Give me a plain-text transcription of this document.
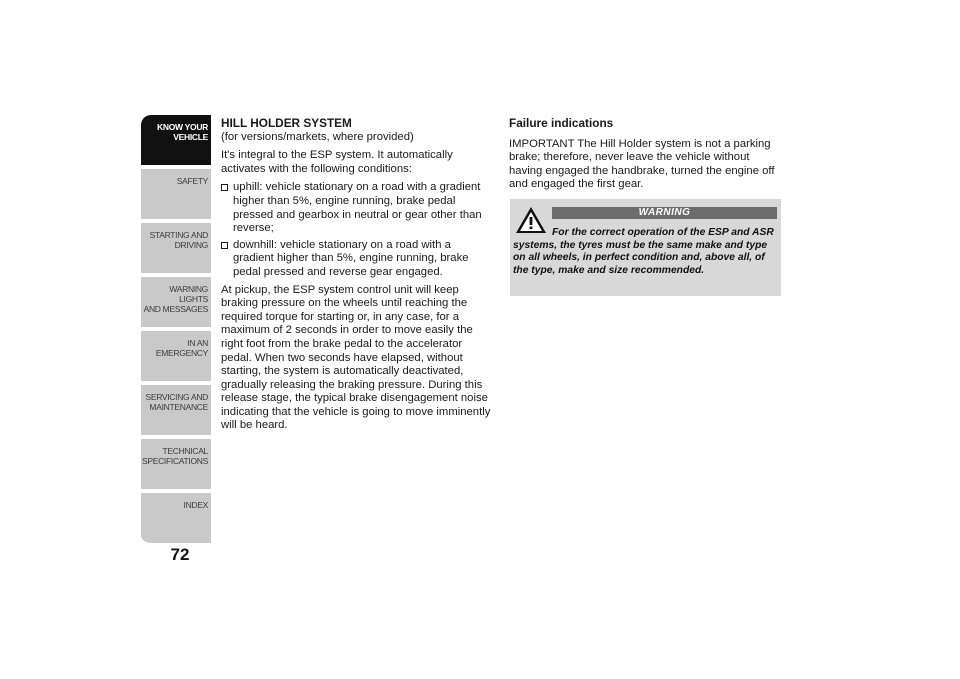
KNOW YOUR
VEHICLE
SAFETY
STARTING AND
DRIVING
WARNING LIGHTS
AND MESSAGES
IN AN EMERGENCY
SERVICING AND
MAINTENANCE
TECHNICAL
SPECIFICATIONS
INDEX
72
HILL HOLDER SYSTEM
(for versions/markets, where provided)

It's integral to the ESP system. It automatically activates with the following conditions:

uphill: vehicle stationary on a road with a gradient higher than 5%, engine running, brake pedal pressed and gearbox in neutral or gear other than reverse;
downhill: vehicle stationary on a road with a gradient higher than 5%, engine running, brake pedal pressed and reverse gear engaged.

At pickup, the ESP system control unit will keep braking pressure on the wheels until reaching the required torque for starting or, in any case, for a maximum of 2 seconds in order to move easily the right foot from the brake pedal to the accelerator pedal. When two seconds have elapsed, without starting, the system is automatically deactivated, gradually releasing the braking pressure. During this release stage, the typical brake disengagement noise indicating that the vehicle is going to move imminently will be heard.

Failure indications

IMPORTANT The Hill Holder system is not a parking brake; therefore, never leave the vehicle without having engaged the handbrake, turned the engine off and engaged the first gear.

WARNING
For the correct operation of the ESP and ASR systems, the tyres must be the same make and type on all wheels, in perfect condition and, above all, of the type, make and size recommended.
